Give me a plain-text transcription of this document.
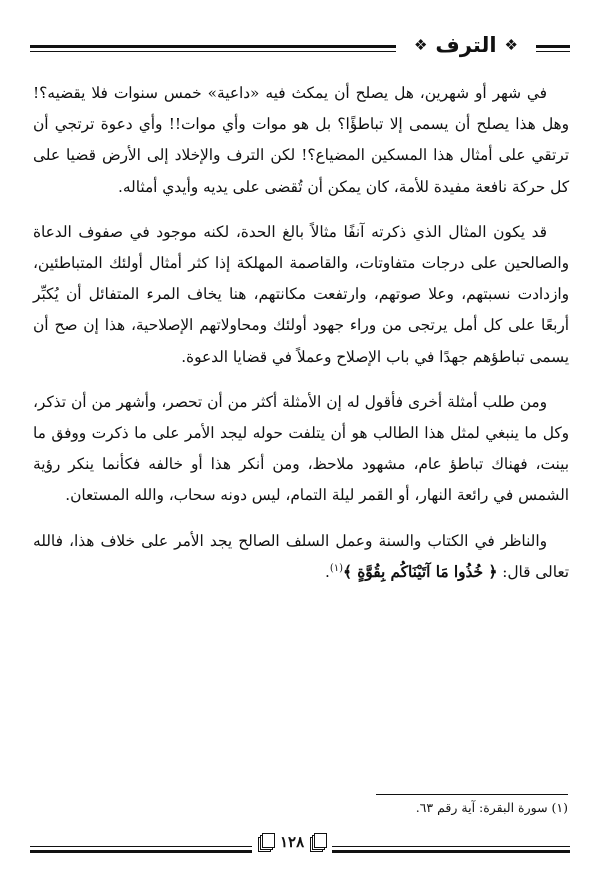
❖ الترف ❖

في شهر أو شهرين، هل يصلح أن يمكث فيه «داعية» خمس سنوات فلا يقضيه؟! وهل هذا يصلح أن يسمى إلا تباطؤًا؟ بل هو موات وأي موات!! وأي دعوة ترتجي أن ترتقي على أمثال هذا المسكين المضياع؟! لكن الترف والإخلاد إلى الأرض قضيا على كل حركة نافعة مفيدة للأمة، كان يمكن أن تُقضى على يديه وأيدي أمثاله.

قد يكون المثال الذي ذكرته آنفًا مثالاً بالغ الحدة، لكنه موجود في صفوف الدعاة والصالحين على درجات متفاوتات، والقاصمة المهلكة إذا كثر أمثال أولئك المتباطئين، وازدادت نسبتهم، وعلا صوتهم، وارتفعت مكانتهم، هنا يخاف المرء المتفائل أن يُكبِّر أربعًا على كل أمل يرتجى من وراء جهود أولئك ومحاولاتهم الإصلاحية، هذا إن صح أن يسمى تباطؤهم جهدًا في باب الإصلاح وعملاً في قضايا الدعوة.

ومن طلب أمثلة أخرى فأقول له إن الأمثلة أكثر من أن تحصر، وأشهر من أن تذكر، وكل ما ينبغي لمثل هذا الطالب هو أن يتلفت حوله ليجد الأمر على ما ذكرت ووفق ما بينت، فهناك تباطؤ عام، مشهود ملاحظ، ومن أنكر هذا أو خالفه فكأنما ينكر رؤية الشمس في رائعة النهار، أو القمر ليلة التمام، ليس دونه سحاب، والله المستعان.

والناظر في الكتاب والسنة وعمل السلف الصالح يجد الأمر على خلاف هذا، فالله تعالى قال: ﴿ خُذُوا مَا آتَيْنَاكُم بِقُوَّةٍ ﴾$^{(١)}$.

(١) سورة البقرة: آية رقم ٦٣.
١٢٨
